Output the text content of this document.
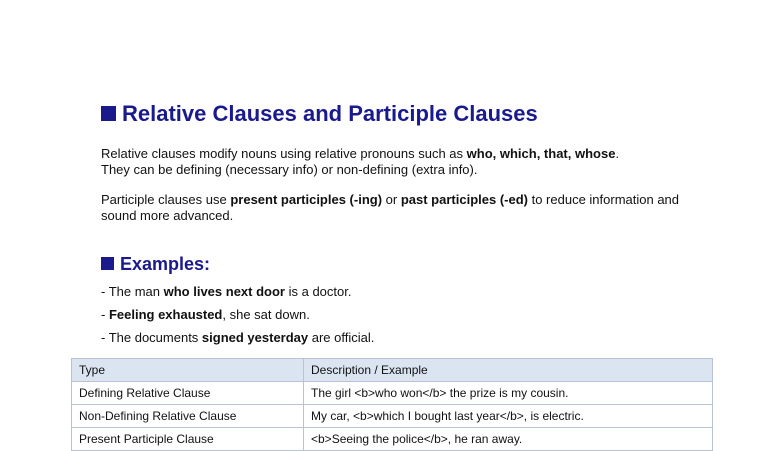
Relative Clauses and Participle Clauses
Relative clauses modify nouns using relative pronouns such as who, which, that, whose.
They can be defining (necessary info) or non-defining (extra info).
Participle clauses use present participles (-ing) or past participles (-ed) to reduce information and sound more advanced.
Examples:
- The man who lives next door is a doctor.
- Feeling exhausted, she sat down.
- The documents signed yesterday are official.
Type	Description / Example
Defining Relative Clause	The girl <b>who won</b> the prize is my cousin.
Non-Defining Relative Clause	My car, <b>which I bought last year</b>, is electric.
Present Participle Clause	<b>Seeing the police</b>, he ran away.
